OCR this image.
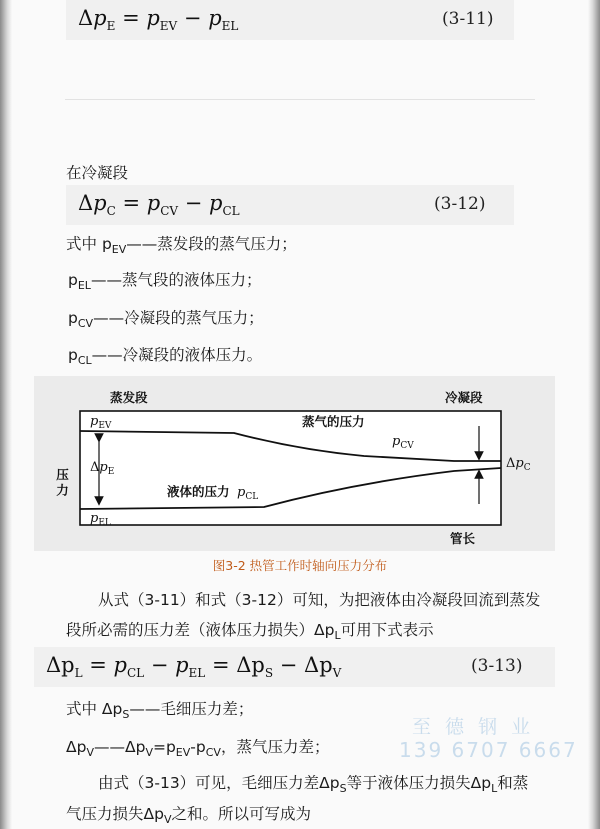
$\Delta p_E = p_{EV} - p_{EL}$	(3-11)
在冷凝段
$\Delta p_C = p_{CV} - p_{CL}$	(3-12)
式中 $p_{EV}——$蒸发段的蒸气压力；
$p_{EL}——$蒸气段的液体压力；
$p_{CV}——$冷凝段的蒸气压力；
$p_{CL}——$冷凝段的液体压力。
蒸发段	冷凝段
压力
管长
蒸气的压力
液体的压力
$p_{EV}$
$p_{CV}$
$p_{CL}$
$p_{EL}$
$\Delta p_E$
$\Delta p_C$
图3-2 热管工作时轴向压力分布
从式（3-11）和式（3-12）可知，为把液体由冷凝段回流到蒸发
段所必需的压力差（液体压力损失）$\Delta p_L$可用下式表示
$\Delta p_L = p_{CL} - p_{EL} = \Delta p_S - \Delta p_V$	(3-13)
式中 $\Delta p_S——$毛细压力差；
$\Delta p_V——\Delta p_V=p_{EV}-p_{CV}$，蒸气压力差；
由式（3-13）可见，毛细压力差$\Delta p_S$等于液体压力损失$\Delta p_L$和蒸
气压力损失$\Delta p_V$之和。所以可写成为
至 德 钢 业
139 6707 6667
